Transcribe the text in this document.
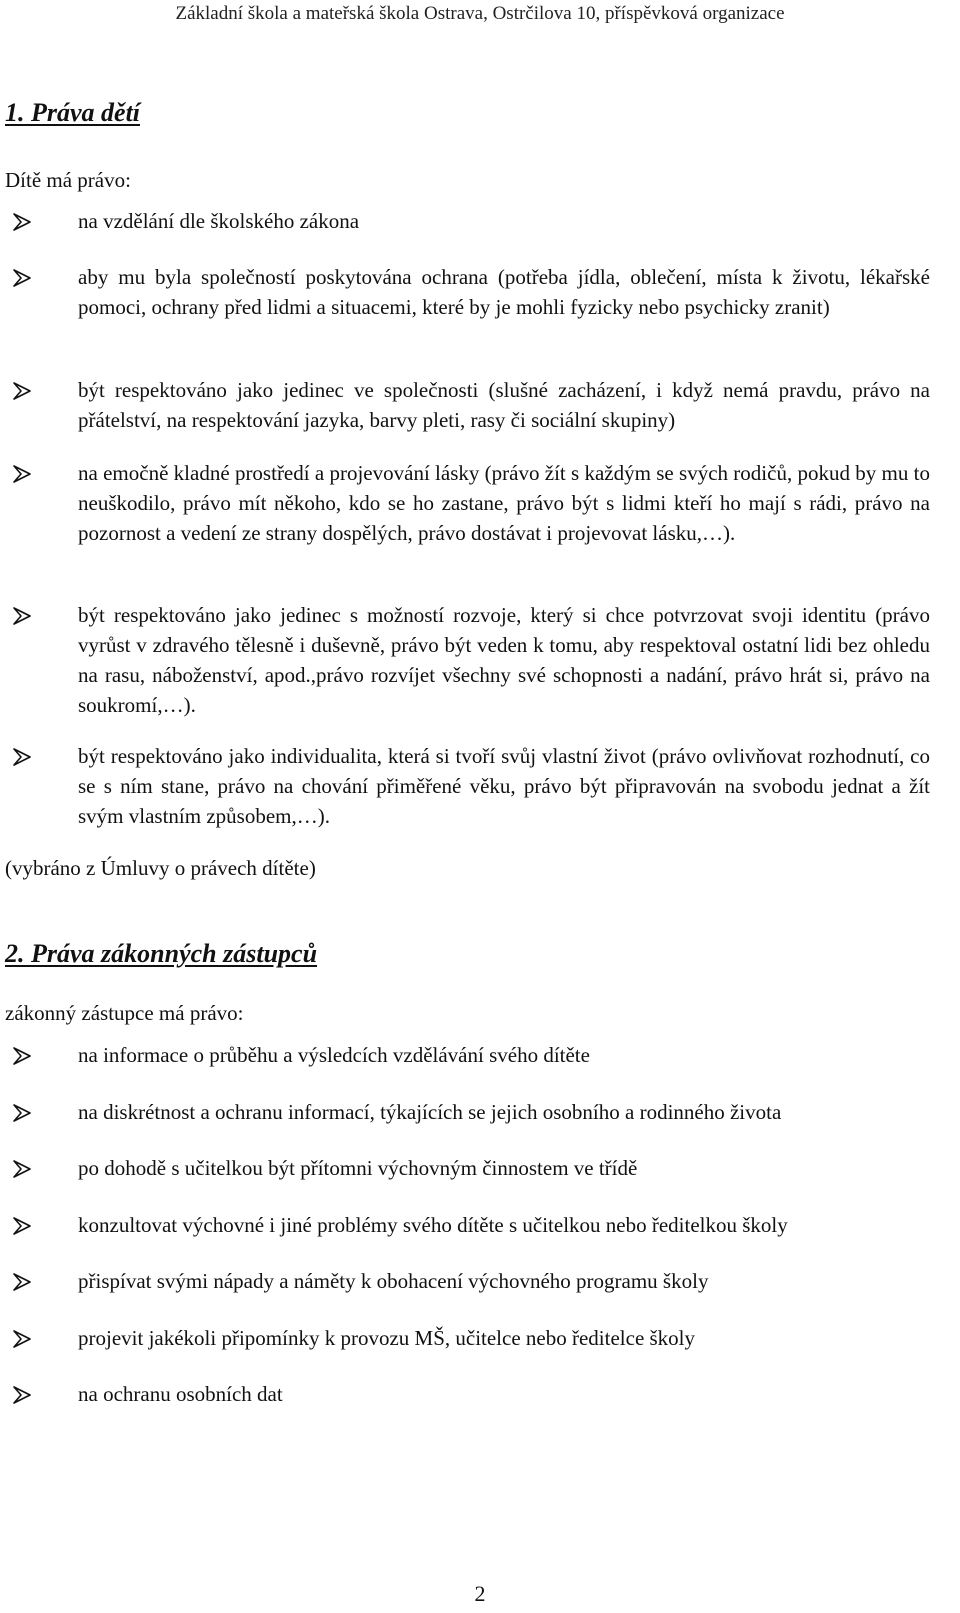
Základní škola a mateřská škola Ostrava, Ostrčilova 10, příspěvková organizace
1. Práva dětí
Dítě má právo:
na vzdělání dle školského zákona
aby mu byla společností poskytována ochrana (potřeba jídla, oblečení, místa k životu, lékařské pomoci, ochrany před lidmi a situacemi, které by je mohli fyzicky nebo psychicky zranit)
být respektováno jako jedinec ve společnosti (slušné zacházení, i když nemá pravdu, právo na přátelství, na respektování jazyka, barvy pleti, rasy či sociální skupiny)
na emočně kladné prostředí a projevování lásky (právo žít s každým se svých rodičů, pokud by mu to neuškodilo, právo mít někoho, kdo se ho zastane, právo být s lidmi kteří ho mají s rádi, právo na pozornost a vedení ze strany dospělých, právo dostávat i projevovat lásku,…).
být respektováno jako jedinec s možností rozvoje, který si chce potvrzovat svoji identitu (právo vyrůst v zdravého tělesně i duševně, právo být veden k tomu, aby respektoval ostatní lidi bez ohledu na rasu, náboženství, apod.,právo rozvíjet všechny své schopnosti a nadání, právo hrát si, právo na soukromí,…).
být respektováno jako individualita, která si tvoří svůj vlastní život (právo ovlivňovat rozhodnutí, co se s ním stane, právo na chování přiměřené věku, právo být připravován na svobodu jednat a žít svým vlastním způsobem,…).
(vybráno z Úmluvy o právech dítěte)
2. Práva zákonných zástupců
zákonný zástupce má právo:
na informace o průběhu a výsledcích vzdělávání svého dítěte
na diskrétnost a ochranu informací, týkajících se jejich osobního a rodinného života
po dohodě s učitelkou být přítomni výchovným činnostem ve třídě
konzultovat výchovné i jiné problémy svého dítěte s učitelkou nebo ředitelkou školy
přispívat svými nápady a náměty k obohacení výchovného programu školy
projevit jakékoli připomínky k provozu MŠ, učitelce nebo ředitelce školy
na ochranu osobních dat
2
